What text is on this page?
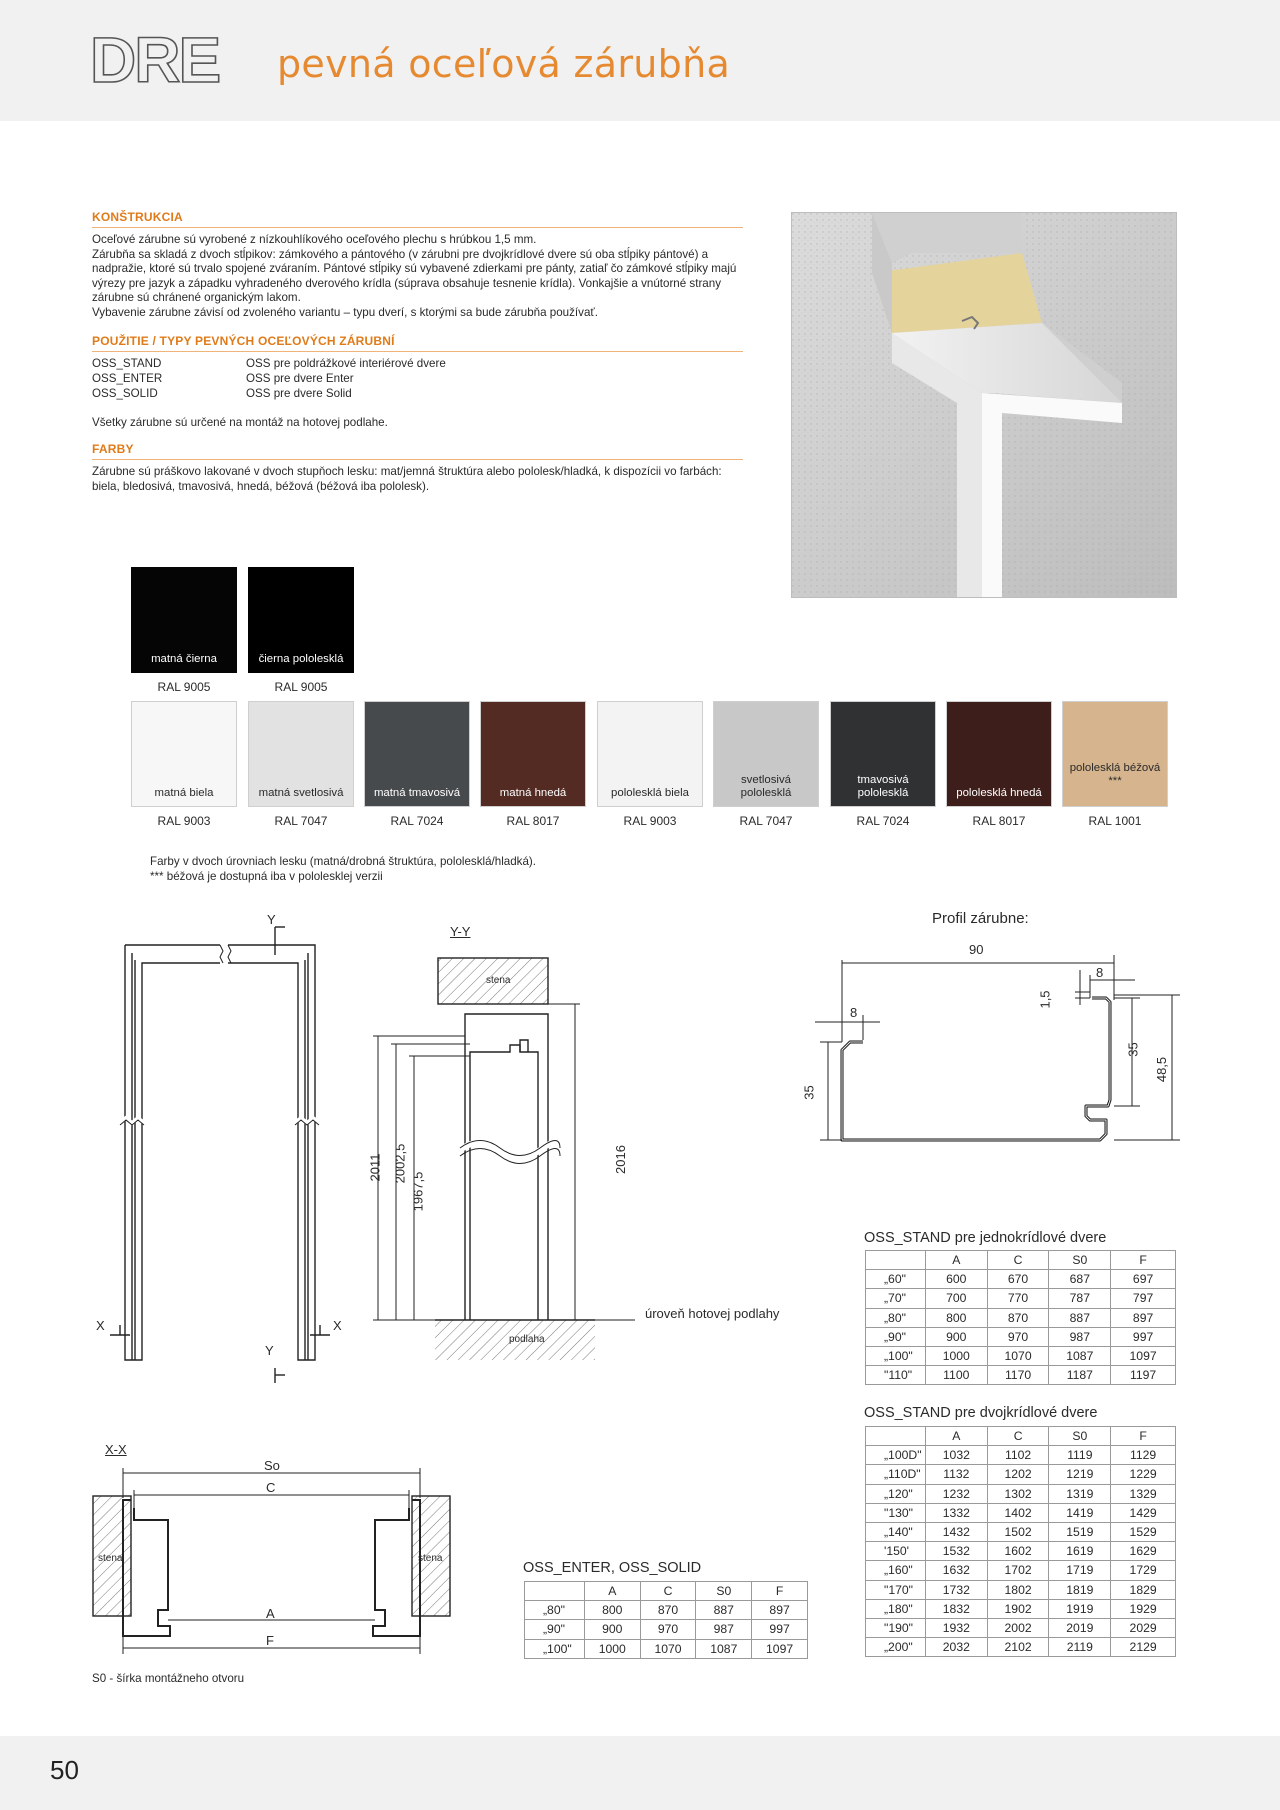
DRE pevná oceľová zárubňa
KONŠTRUKCIA

Oceľové zárubne sú vyrobené z nízkouhlíkového oceľového plechu s hrúbkou 1,5 mm.

Zárubňa sa skladá z dvoch stĺpikov: zámkového a pántového (v zárubni pre dvojkrídlové dvere sú oba stĺpiky pántové) a nadpražie, ktoré sú trvalo spojené zváraním. Pántové stĺpiky sú vybavené zdierkami pre pánty, zatiaľ čo zámkové stĺpiky majú výrezy pre jazyk a západku vyhradeného dverového krídla (súprava obsahuje tesnenie krídla). Vonkajšie a vnútorné strany zárubne sú chránené organickým lakom.

Vybavenie zárubne závisí od zvoleného variantu – typu dverí, s ktorými sa bude zárubňa používať.

POUŽITIE / TYPY PEVNÝCH OCEĽOVÝCH ZÁRUBNÍ
OSS_STAND	OSS pre poldrážkové interiérové dvere
OSS_ENTER	OSS pre dvere Enter
OSS_SOLID	OSS pre dvere Solid
Všetky zárubne sú určené na montáž na hotovej podlahe.
FARBY
Zárubne sú práškovo lakované v dvoch stupňoch lesku: mat/jemná štruktúra alebo pololesk/hladká, k dispozícii vo farbách: biela, bledosivá, tmavosivá, hnedá, béžová (béžová iba pololesk).
matná čierna	čierna pololesklá
RAL 9005	RAL 9005
matná biela	matná svetlosivá	matná tmavosivá	matná hnedá	pololesklá biela
svetlosivá pololesklá
tmavosivá pololesklá	pololesklá hnedá
pololesklá béžová ***
RAL 9003	RAL 7047	RAL 7024	RAL 8017	RAL 9003	RAL 7047	RAL 7024	RAL 8017	RAL 1001
Farby v dvoch úrovniach lesku (matná/drobná štruktúra, pololesklá/hladká).
*** béžová je dostupná iba v pololesklej verzii
Y
Y
X	X
Y-Y
stena
podlaha
úroveň hotovej podlahy
2011 2002,5
1967,5
2016
Profil zárubne:
90
8
8
1,5
35
35
48,5
X-X
stena	stena
So
C
A
F
S0 - šírka montážneho otvoru
OSS_STAND pre jednokrídlové dvere
	A	C	S0	F
„60"	600	670	687	697
„70"	700	770	787	797
„80"	800	870	887	897
„90"	900	970	987	997
„100"	1000	1070	1087	1097
"110"	1100	1170	1187	1197
OSS_STAND pre dvojkrídlové dvere
	A	C	S0	F
„100D"	1032	1102	1119	1129
„110D"	1132	1202	1219	1229
„120"	1232	1302	1319	1329
"130"	1332	1402	1419	1429
„140"	1432	1502	1519	1529
'150'	1532	1602	1619	1629
„160"	1632	1702	1719	1729
"170"	1732	1802	1819	1829
„180"	1832	1902	1919	1929
"190"	1932	2002	2019	2029
„200"	2032	2102	2119	2129
OSS_ENTER, OSS_SOLID
	A	C	S0	F
„80"	800	870	887	897
„90"	900	970	987	997
„100"	1000	1070	1087	1097
50
